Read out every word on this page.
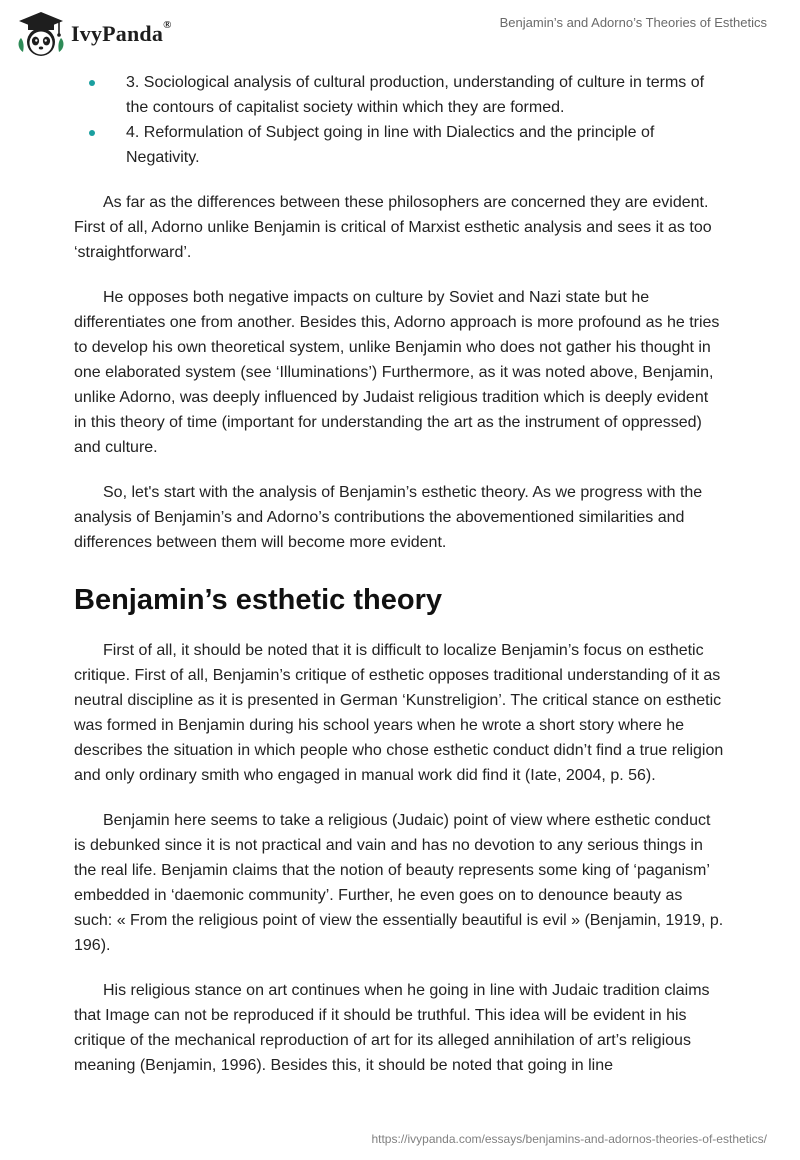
IvyPanda®	Benjamin’s and Adorno’s Theories of Esthetics
3. Sociological analysis of cultural production, understanding of culture in terms of the contours of capitalist society within which they are formed.
4. Reformulation of Subject going in line with Dialectics and the principle of Negativity.

As far as the differences between these philosophers are concerned they are evident. First of all, Adorno unlike Benjamin is critical of Marxist esthetic analysis and sees it as too ‘straightforward’.

He opposes both negative impacts on culture by Soviet and Nazi state but he differentiates one from another. Besides this, Adorno approach is more profound as he tries to develop his own theoretical system, unlike Benjamin who does not gather his thought in one elaborated system (see ‘Illuminations’) Furthermore, as it was noted above, Benjamin, unlike Adorno, was deeply influenced by Judaist religious tradition which is deeply evident in this theory of time (important for understanding the art as the instrument of oppressed) and culture.

So, let's start with the analysis of Benjamin’s esthetic theory. As we progress with the analysis of Benjamin’s and Adorno’s contributions the abovementioned similarities and differences between them will become more evident.

Benjamin’s esthetic theory

First of all, it should be noted that it is difficult to localize Benjamin’s focus on esthetic critique. First of all, Benjamin’s critique of esthetic opposes traditional understanding of it as neutral discipline as it is presented in German ‘Kunstreligion’. The critical stance on esthetic was formed in Benjamin during his school years when he wrote a short story where he describes the situation in which people who chose esthetic conduct didn’t find a true religion and only ordinary smith who engaged in manual work did find it (Iate, 2004, p. 56).

Benjamin here seems to take a religious (Judaic) point of view where esthetic conduct is debunked since it is not practical and vain and has no devotion to any serious things in the real life. Benjamin claims that the notion of beauty represents some king of ‘paganism’ embedded in ‘daemonic community’. Further, he even goes on to denounce beauty as such: « From the religious point of view the essentially beautiful is evil » (Benjamin, 1919, p. 196).

His religious stance on art continues when he going in line with Judaic tradition claims that Image can not be reproduced if it should be truthful. This idea will be evident in his critique of the mechanical reproduction of art for its alleged annihilation of art’s religious meaning (Benjamin, 1996). Besides this, it should be noted that going in line

https://ivypanda.com/essays/benjamins-and-adornos-theories-of-esthetics/
